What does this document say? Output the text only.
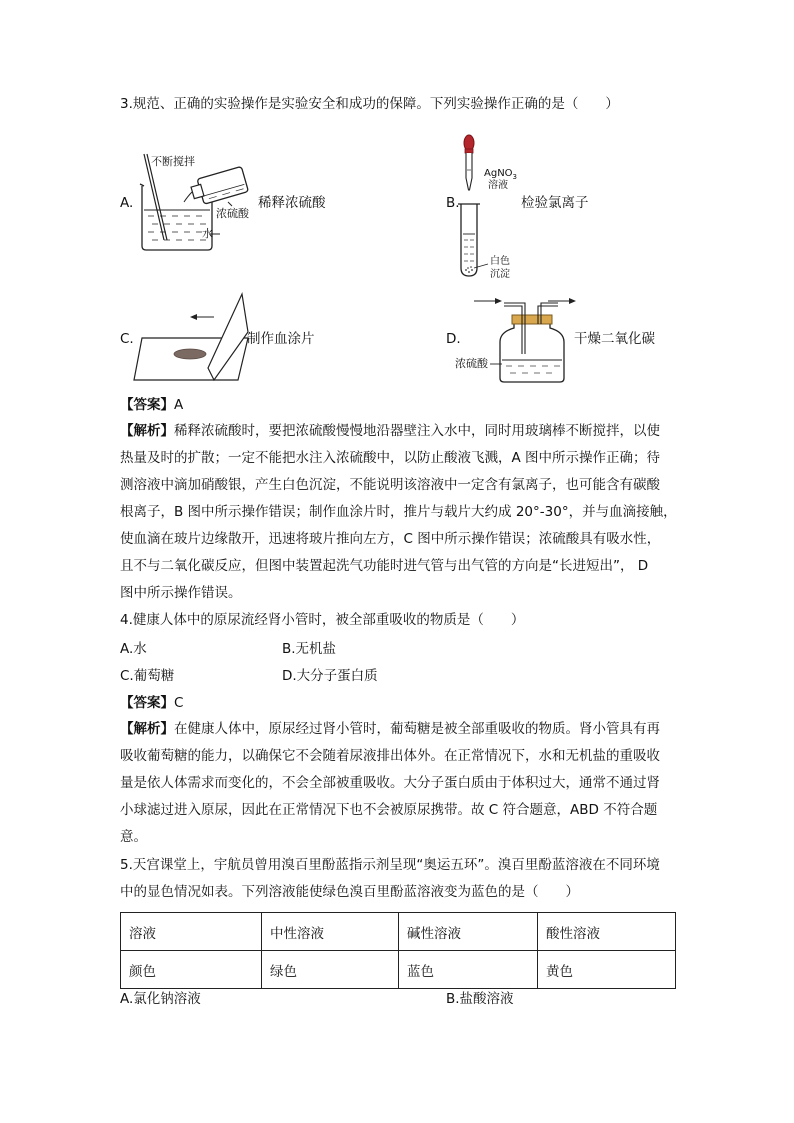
3.规范、正确的实验操作是实验安全和成功的保障。下列实验操作正确的是（　　）
A.
不断搅拌
浓硫酸
水
稀释浓硫酸	B.
AgNO$_3$
溶液
白色
沉淀
检验氯离子
C.	制作血涂片	D.
浓硫酸
干燥二氧化碳
【答案】A
【解析】稀释浓硫酸时，要把浓硫酸慢慢地沿器壁注入水中，同时用玻璃棒不断搅拌，以使
热量及时的扩散；一定不能把水注入浓硫酸中，以防止酸液飞溅，A 图中所示操作正确；待
测溶液中滴加硝酸银，产生白色沉淀，不能说明该溶液中一定含有氯离子，也可能含有碳酸
根离子，B 图中所示操作错误；制作血涂片时，推片与载片大约成 20°-30°，并与血滴接触，
使血滴在玻片边缘散开，迅速将玻片推向左方，C 图中所示操作错误；浓硫酸具有吸水性，
且不与二氧化碳反应，但图中装置起洗气功能时进气管与出气管的方向是“长进短出”， D
图中所示操作错误。
4.健康人体中的原尿流经肾小管时，被全部重吸收的物质是（　　）
A.水	B.无机盐
C.葡萄糖	D.大分子蛋白质
【答案】C
【解析】在健康人体中，原尿经过肾小管时，葡萄糖是被全部重吸收的物质。肾小管具有再
吸收葡萄糖的能力，以确保它不会随着尿液排出体外。在正常情况下，水和无机盐的重吸收
量是依人体需求而变化的，不会全部被重吸收。大分子蛋白质由于体积过大，通常不通过肾
小球滤过进入原尿，因此在正常情况下也不会被原尿携带。故 C 符合题意，ABD 不符合题
意。
5.天宫课堂上，宇航员曾用溴百里酚蓝指示剂呈现“奥运五环”。溴百里酚蓝溶液在不同环境
中的显色情况如表。下列溶液能使绿色溴百里酚蓝溶液变为蓝色的是（　　）
溶液	中性溶液	碱性溶液	酸性溶液
颜色	绿色	蓝色	黄色
A.氯化钠溶液	B.盐酸溶液
